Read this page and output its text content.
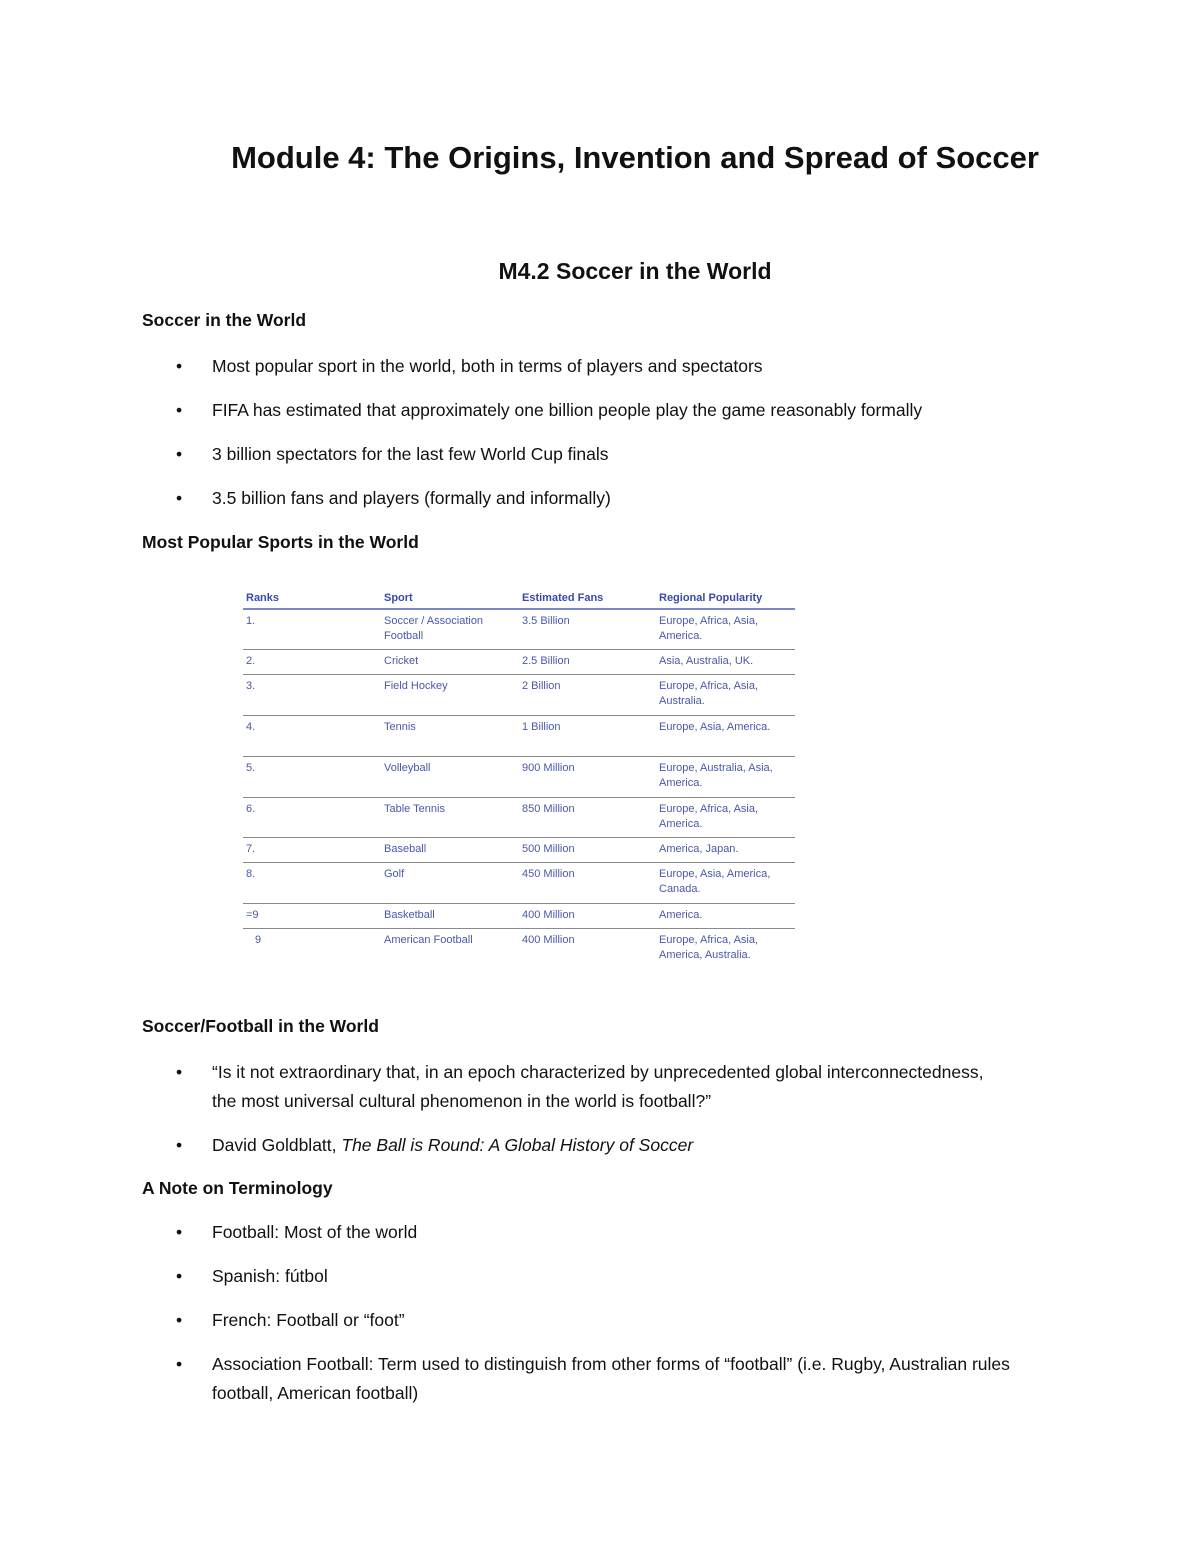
Module 4: The Origins, Invention and Spread of Soccer
M4.2 Soccer in the World
Soccer in the World
• Most popular sport in the world, both in terms of players and spectators
• FIFA has estimated that approximately one billion people play the game reasonably formally
• 3 billion spectators for the last few World Cup finals
• 3.5 billion fans and players (formally and informally)
Most Popular Sports in the World
Ranks	Sport	Estimated Fans	Regional Popularity
1.	Soccer / Association Football	3.5 Billion	Europe, Africa, Asia, America.
2.	Cricket	2.5 Billion	Asia, Australia, UK.
3.	Field Hockey	2 Billion	Europe, Africa, Asia, Australia.
4.	Tennis	1 Billion	Europe, Asia, America.
5.	Volleyball	900 Million	Europe, Australia, Asia, America.
6.	Table Tennis	850 Million	Europe, Africa, Asia, America.
7.	Baseball	500 Million	America, Japan.
8.	Golf	450 Million	Europe, Asia, America, Canada.
=9	Basketball	400 Million	America.
9	American Football	400 Million	Europe, Africa, Asia, America, Australia.
Soccer/Football in the World
• “Is it not extraordinary that, in an epoch characterized by unprecedented global interconnectedness, the most universal cultural phenomenon in the world is football?”
• David Goldblatt, The Ball is Round: A Global History of Soccer
A Note on Terminology
• Football: Most of the world
• Spanish: fútbol
• French: Football or “foot”
• Association Football: Term used to distinguish from other forms of “football” (i.e. Rugby, Australian rules football, American football)
